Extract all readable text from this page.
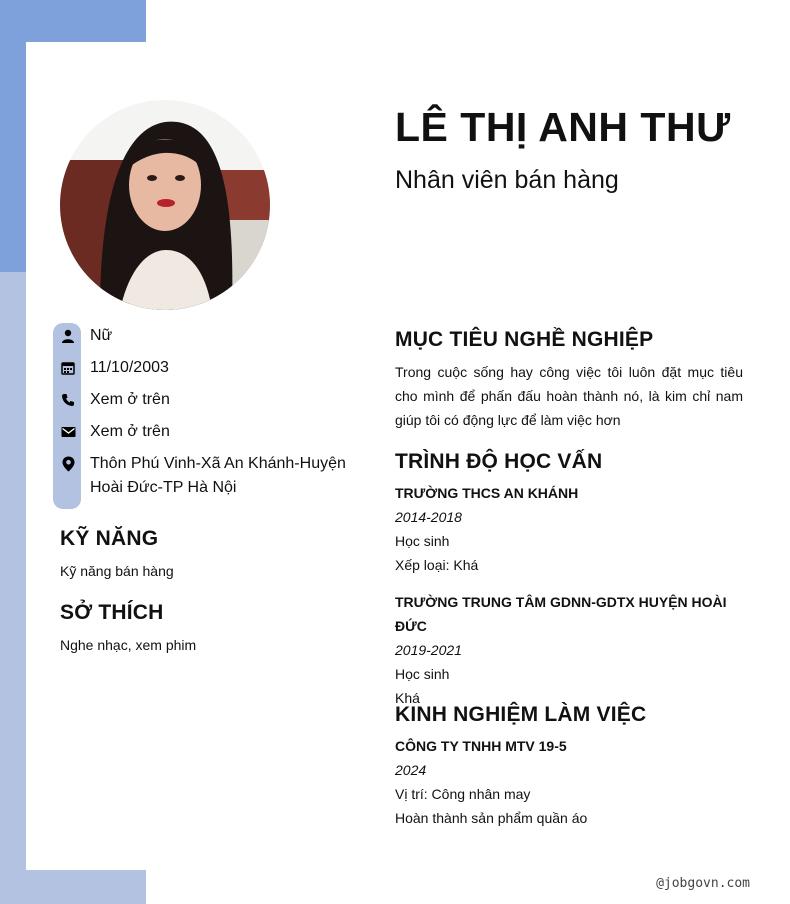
LÊ THỊ ANH THƯ
Nhân viên bán hàng
Nữ
11/10/2003
Xem ở trên
Xem ở trên
Thôn Phú Vinh-Xã An Khánh-Huyện Hoài Đức-TP Hà Nội
KỸ NĂNG
Kỹ năng bán hàng
SỞ THÍCH
Nghe nhạc, xem phim
MỤC TIÊU NGHỀ NGHIỆP
Trong cuộc sống hay công việc tôi luôn đặt mục tiêu cho mình để phấn đấu hoàn thành nó, là kim chỉ nam giúp tôi có động lực để làm việc hơn
TRÌNH ĐỘ HỌC VẤN
TRƯỜNG THCS AN KHÁNH
2014-2018
Học sinh
Xếp loại: Khá
TRƯỜNG TRUNG TÂM GDNN-GDTX HUYỆN HOÀI ĐỨC
2019-2021
Học sinh
Khá
KINH NGHIỆM LÀM VIỆC
CÔNG TY TNHH MTV 19-5
2024
Vị trí: Công nhân may
Hoàn thành sản phẩm quần áo
@jobgovn.com
